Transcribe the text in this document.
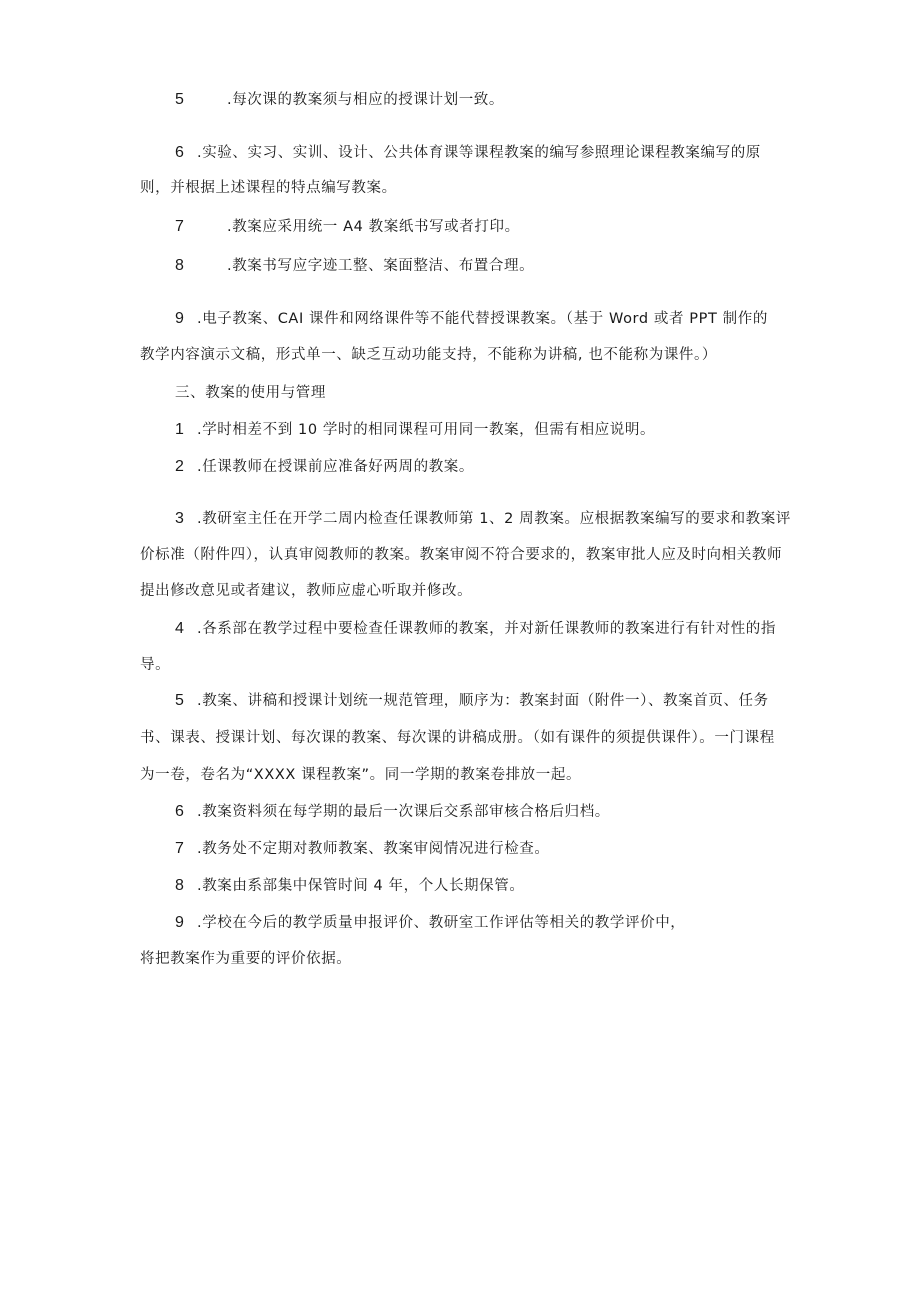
5	.每次课的教案须与相应的授课计划一致。
6 .实验、实习、实训、设计、公共体育课等课程教案的编写参照理论课程教案编写的原
则，并根据上述课程的特点编写教案。
7	.教案应采用统一 A4 教案纸书写或者打印。
8	.教案书写应字迹工整、案面整洁、布置合理。
9 .电子教案、CAI 课件和网络课件等不能代替授课教案。（基于 Word 或者 PPT 制作的
教学内容演示文稿，形式单一、缺乏互动功能支持，不能称为讲稿, 也不能称为课件。）
三、教案的使用与管理
1 .学时相差不到 10 学时的相同课程可用同一教案，但需有相应说明。
2 .任课教师在授课前应准备好两周的教案。
3 .教研室主任在开学二周内检查任课教师第 1、2 周教案。应根据教案编写的要求和教案评
价标准（附件四），认真审阅教师的教案。教案审阅不符合要求的，教案审批人应及时向相关教师
提出修改意见或者建议，教师应虚心听取并修改。
4 .各系部在教学过程中要检查任课教师的教案，并对新任课教师的教案进行有针对性的指
导。
5 .教案、讲稿和授课计划统一规范管理，顺序为：教案封面（附件一）、教案首页、任务
书、课表、授课计划、每次课的教案、每次课的讲稿成册。（如有课件的须提供课件）。一门课程
为一卷，卷名为“XXXX 课程教案”。同一学期的教案卷排放一起。
6 .教案资料须在每学期的最后一次课后交系部审核合格后归档。
7 .教务处不定期对教师教案、教案审阅情况进行检查。
8 .教案由系部集中保管时间 4 年，个人长期保管。
9 .学校在今后的教学质量申报评价、教研室工作评估等相关的教学评价中，
将把教案作为重要的评价依据。
